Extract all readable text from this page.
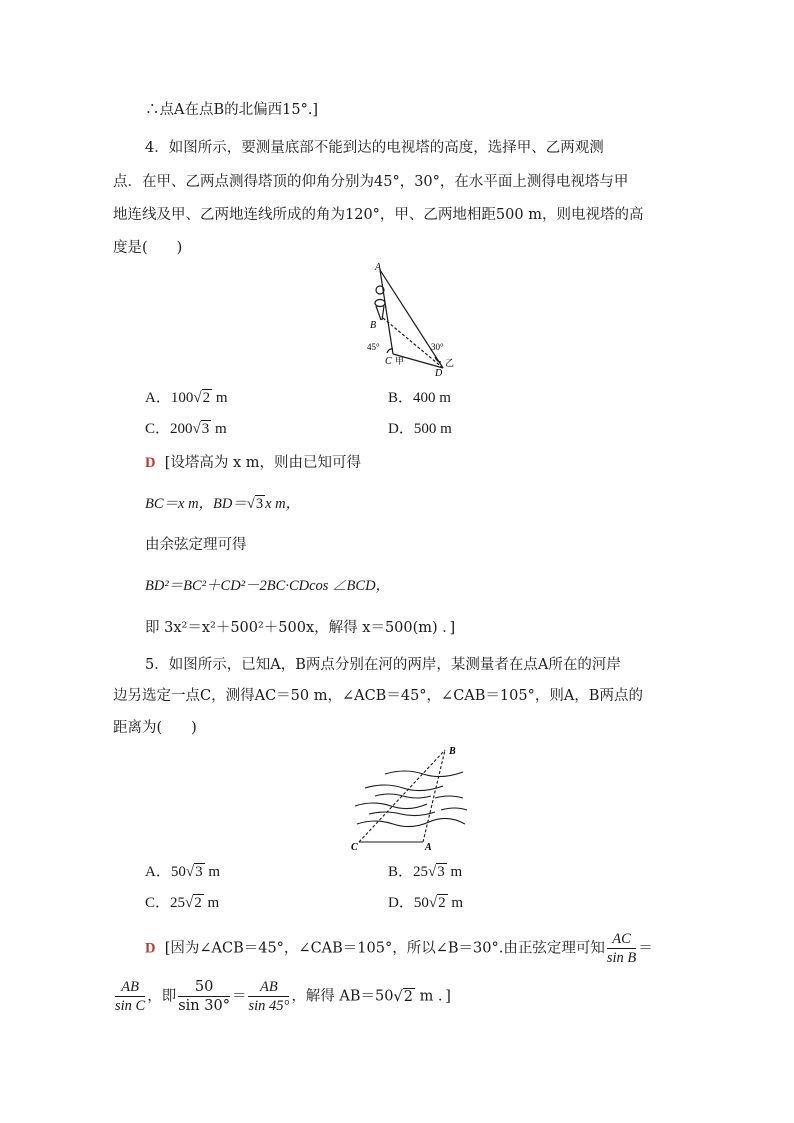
∴点A在点B的北偏西15°.]
4．如图所示，要测量底部不能到达的电视塔的高度，选择甲、乙两观测
点．在甲、乙两点测得塔顶的仰角分别为45°，30°，在水平面上测得电视塔与甲
地连线及甲、乙两地连线所成的角为120°，甲、乙两地相距500 m，则电视塔的高
度是(　　)
A
B
C
D
甲	乙
45°	30°
A．100√2 m	B．400 m
C．200√3 m	D．500 m
D [设塔高为 x m，则由已知可得
BC＝x m，BD＝√3 x m，
由余弦定理可得
BD²＝BC²＋CD²－2BC·CDcos ∠BCD，
即 3x²＝x²＋500²＋500x，解得 x＝500(m) ．]
5．如图所示，已知A，B两点分别在河的两岸，某测量者在点A所在的河岸
边另选定一点C，测得AC＝50 m，∠ACB＝45°，∠CAB＝105°，则A，B两点的
距离为(　　)
B
C	A
A．50√3 m	B．25√3 m
C．25√2 m	D．50√2 m
D [因为∠ACB＝45°，∠CAB＝105°，所以∠B＝30°.由正弦定理可知 $\frac{AC}{\text{sin B}}$ ＝
$\frac{AB}{\text{sin C}}$ ，即 $\frac{50}{\sin 30^\circ} = \frac{AB}{\sin 45^\circ}$ ，解得 AB＝50√2 m ．]
